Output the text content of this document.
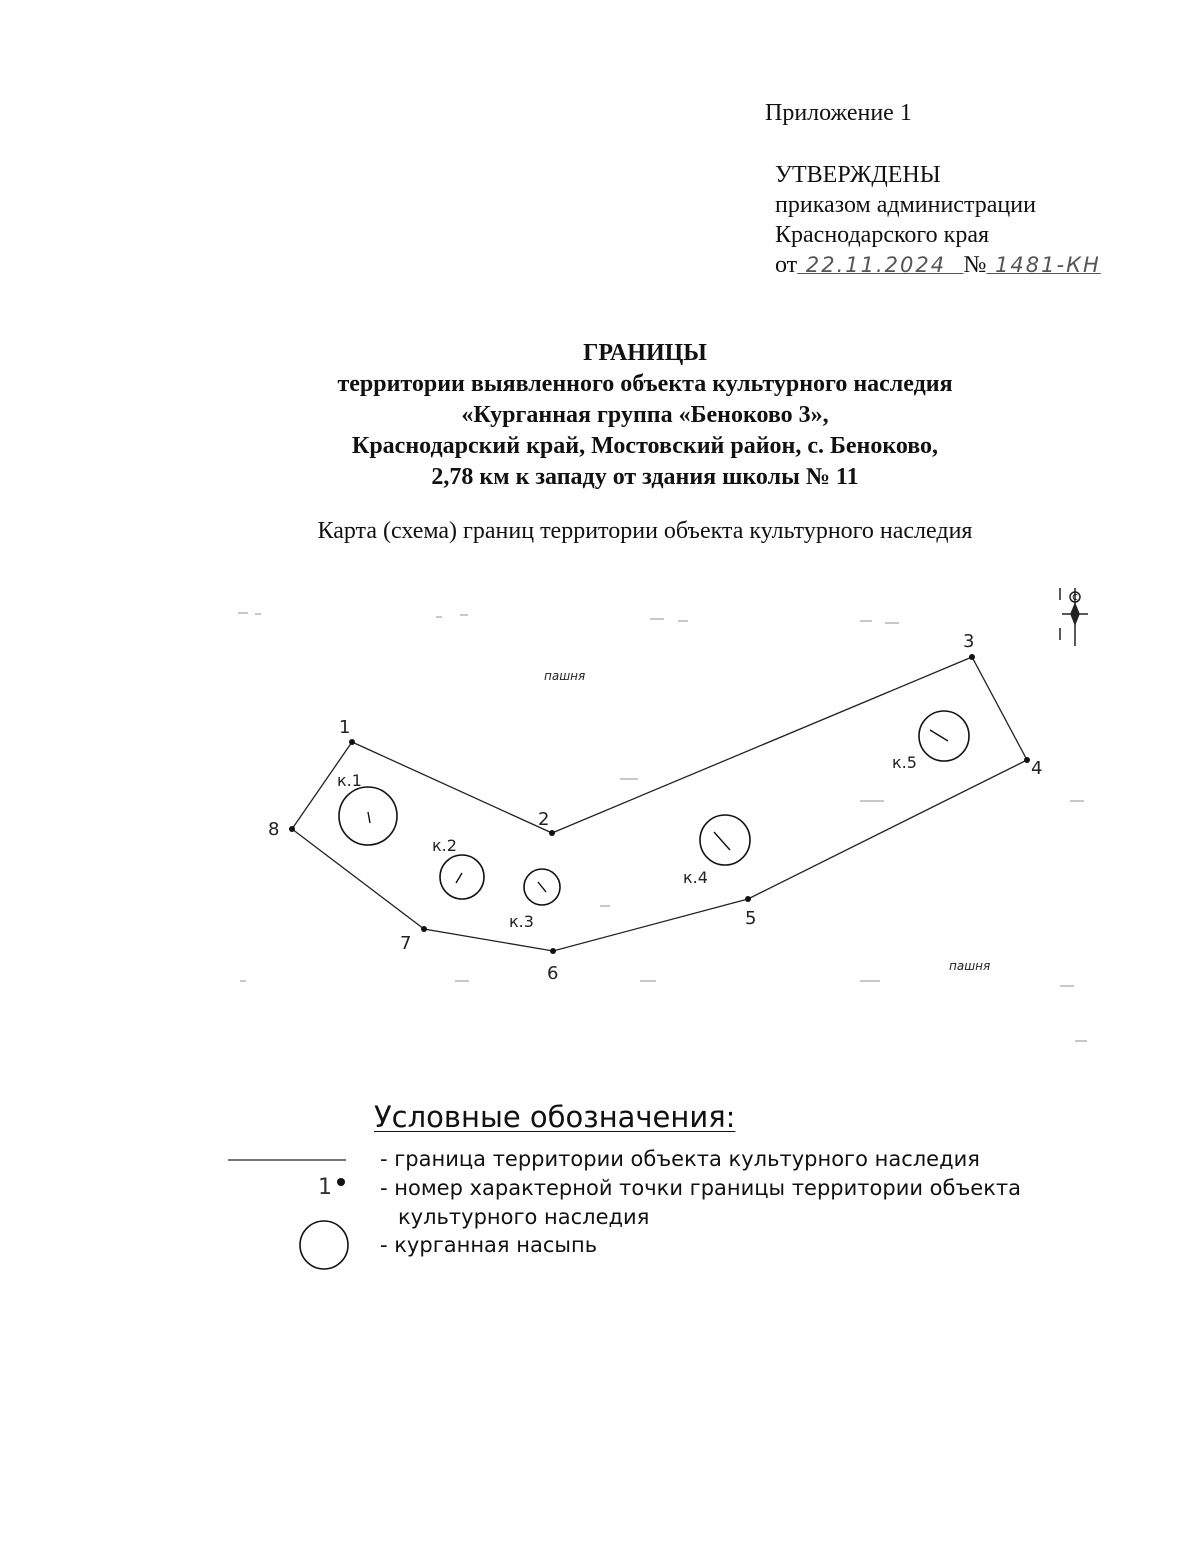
Приложение 1
УТВЕРЖДЕНЫ
приказом администрации
Краснодарского края
от 22.11.2024 № 1481-КН
ГРАНИЦЫ
территории выявленного объекта культурного наследия
«Курганная группа «Беноково 3»,
Краснодарский край, Мостовский район, с. Беноково,
2,78 км к западу от здания школы № 11
Карта (схема) границ территории объекта культурного наследия
С
1
2
3
4
5
6
7
8
к.1
к.2
к.3
к.4
к.5
пашня
пашня
Условные обозначения:
1
- граница территории объекта культурного наследия
- номер характерной точки границы территории объекта
культурного наследия
- курганная насыпь
